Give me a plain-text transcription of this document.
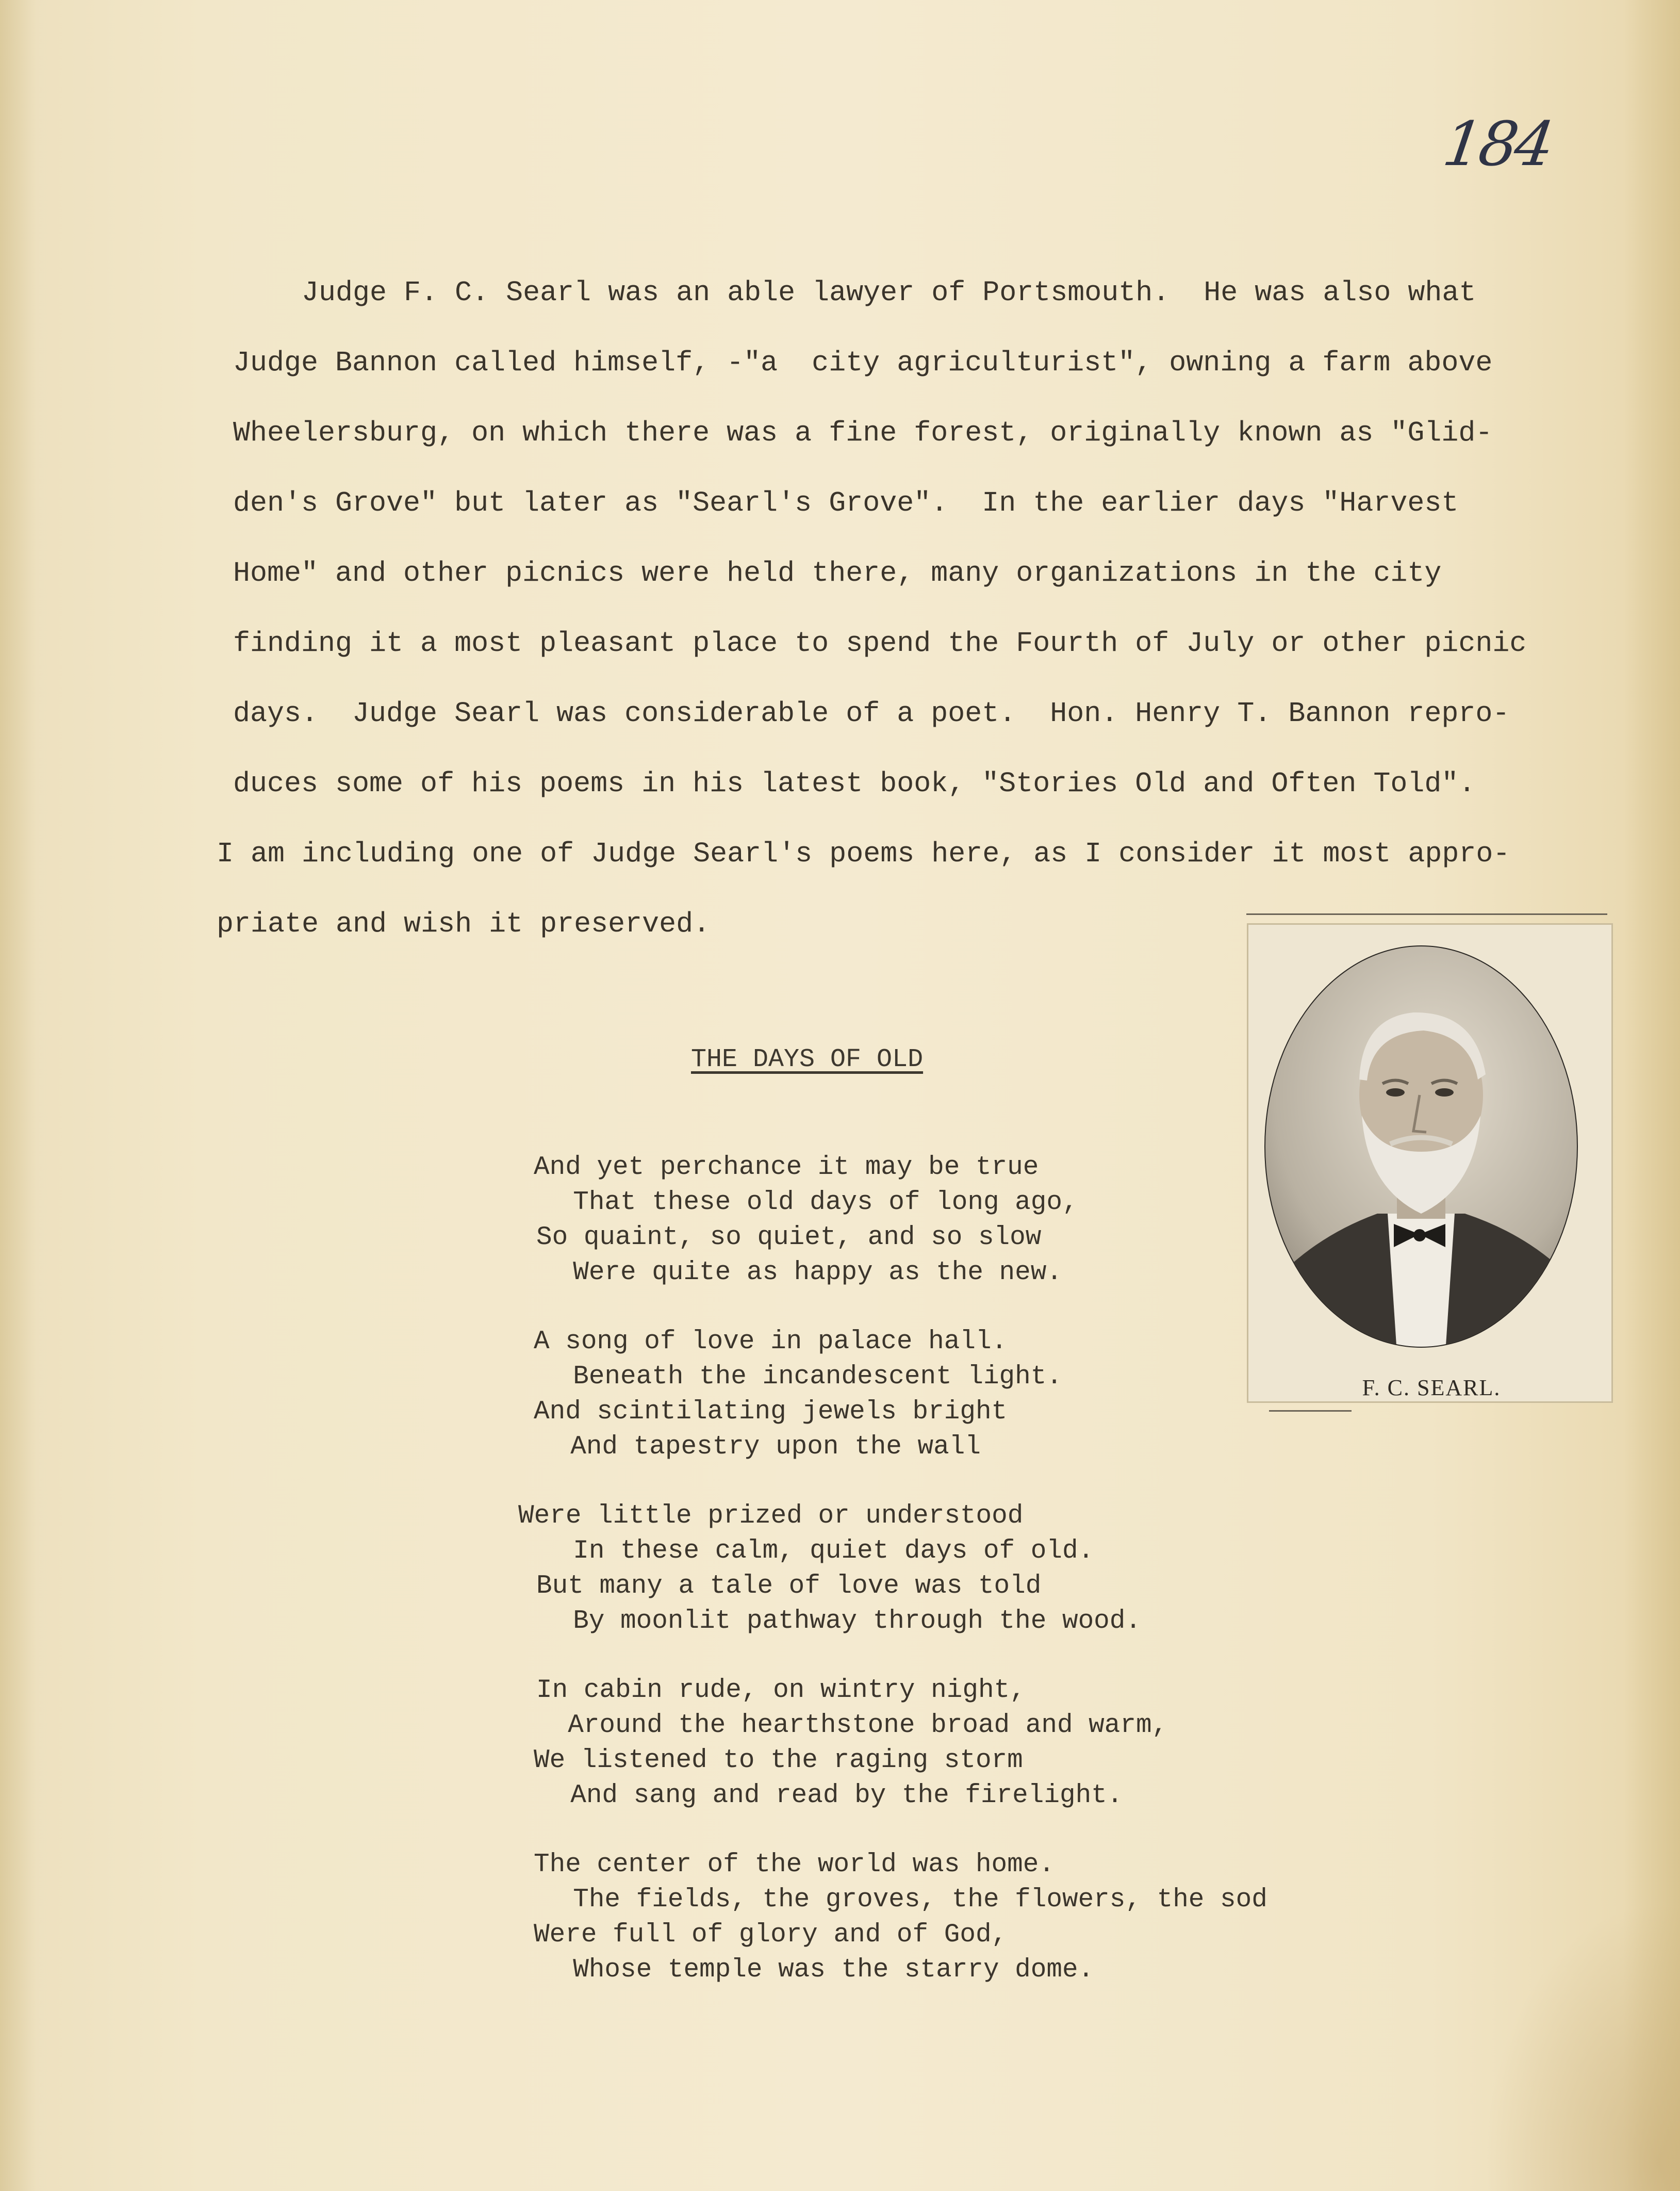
184
Judge F. C. Searl was an able lawyer of Portsmouth.  He was also what
Judge Bannon called himself, -"a  city agriculturist", owning a farm above
Wheelersburg, on which there was a fine forest, originally known as "Glid-
den's Grove" but later as "Searl's Grove".  In the earlier days "Harvest
Home" and other picnics were held there, many organizations in the city
finding it a most pleasant place to spend the Fourth of July or other picnic
days.  Judge Searl was considerable of a poet.  Hon. Henry T. Bannon repro-
duces some of his poems in his latest book, "Stories Old and Often Told".
I am including one of Judge Searl's poems here, as I consider it most appro-
priate and wish it preserved.
THE DAYS OF OLD
And yet perchance it may be true
That these old days of long ago,
So quaint, so quiet, and so slow
Were quite as happy as the new.
A song of love in palace hall.
Beneath the incandescent light.
And scintilating jewels bright
And tapestry upon the wall
Were little prized or understood
In these calm, quiet days of old.
But many a tale of love was told
By moonlit pathway through the wood.
In cabin rude, on wintry night,
Around the hearthstone broad and warm,
We listened to the raging storm
And sang and read by the firelight.
The center of the world was home.
The fields, the groves, the flowers, the sod
Were full of glory and of God,
Whose temple was the starry dome.
F. C. SEARL.
